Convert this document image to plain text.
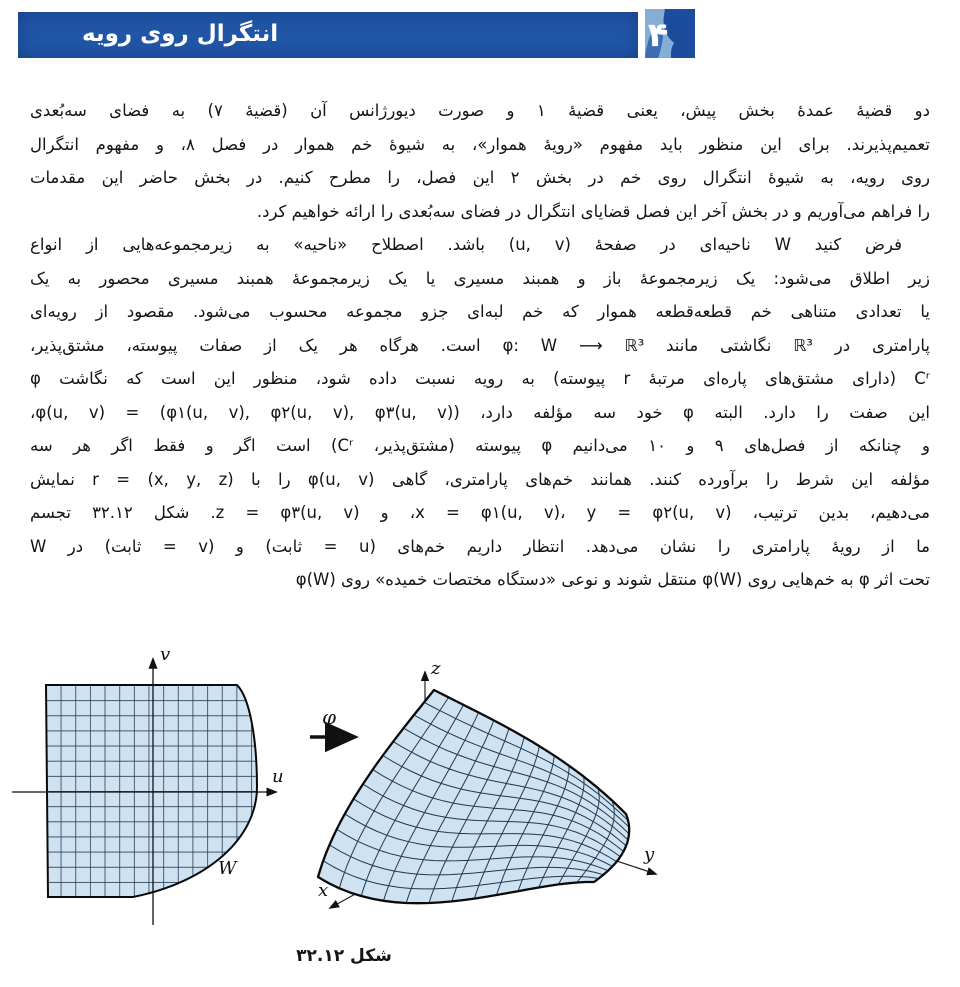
انتگرال روی رویه	۴
دو قضیهٔ عمدهٔ بخش پیش، یعنی قضیهٔ ۱ و صورت دیورژانس آن (قضیهٔ ۷) به فضای سه‌بُعدی
تعمیم‌پذیرند. برای این منظور باید مفهوم «رویهٔ هموار»، به شیوهٔ خم هموار در فصل ۸، و مفهوم انتگرال
روی رویه، به شیوهٔ انتگرال روی خم در بخش ۲ این فصل، را مطرح کنیم. در بخش حاضر این مقدمات
را فراهم می‌آوریم و در بخش آخر این فصل قضایای انتگرال در فضای سه‌بُعدی را ارائه خواهیم کرد.
فرض کنید W ناحیه‌ای در صفحهٔ (u, v) باشد. اصطلاح «ناحیه» به زیرمجموعه‌هایی از انواع
زیر اطلاق می‌شود: یک زیرمجموعهٔ باز و همبند مسیری یا یک زیرمجموعهٔ همبند مسیری محصور به یک
یا تعدادی متناهی خم قطعه‌قطعه هموار که خم لبه‌ای جزو مجموعه محسوب می‌شود. مقصود از رویه‌ای
پارامتری در ℝ³ نگاشتی مانند φ: W ⟶ ℝ³ است. هرگاه هر یک از صفات پیوسته، مشتق‌پذیر،
Cʳ (دارای مشتق‌های پاره‌ای مرتبهٔ r پیوسته) به رویه نسبت داده شود، منظور این است که نگاشت φ
این صفت را دارد. البته φ خود سه مؤلفه دارد، φ(u, v) = (φ۱(u, v), φ۲(u, v), φ۳(u, v))،
و چنانکه از فصل‌های ۹ و ۱۰ می‌دانیم φ پیوسته (مشتق‌پذیر، Cʳ) است اگر و فقط اگر هر سه
مؤلفه این شرط را برآورده کنند. همانند خم‌های پارامتری، گاهی φ(u, v) را با r = (x, y, z) نمایش
می‌دهیم، بدین ترتیب، x = φ۱(u, v)، y = φ۲(u, v)، و z = φ۳(u, v). شکل ۳۲.۱۲ تجسم
ما از رویهٔ پارامتری را نشان می‌دهد. انتظار داریم خم‌های (u = ثابت) و (v = ثابت) در W
تحت اثر φ به خم‌هایی روی φ(W) منتقل شوند و نوعی «دستگاه مختصات خمیده» روی φ(W)
u
v
W
φ
z
x
y
شکل ۳۲.۱۲
